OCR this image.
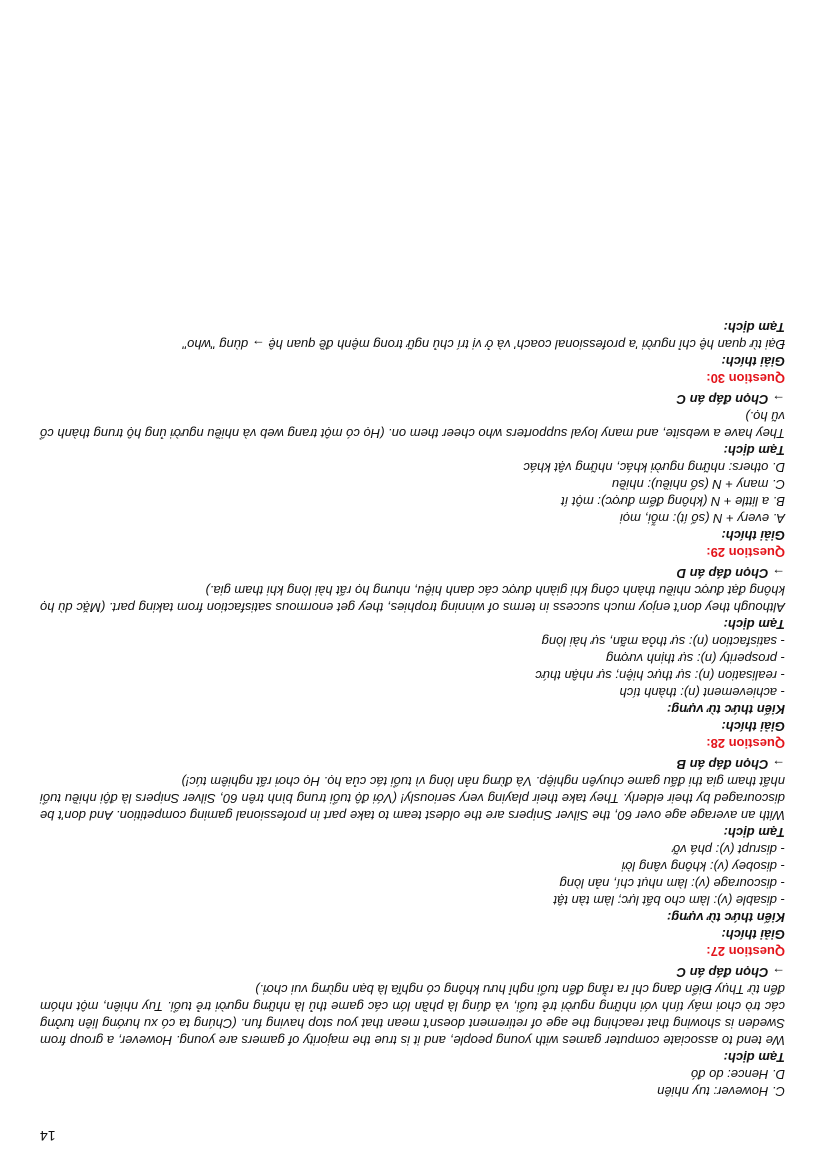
C. However: tuy nhiên

D. Hence: do đó

Tạm dịch:

We tend to associate computer games with young people, and it is true the majority of gamers are young. However, a group from Sweden is showing that reaching the age of retirement doesn't mean that you stop having fun. (Chúng ta có xu hướng liên tưởng các trò chơi máy tính với những người trẻ tuổi, và đúng là phần lớn các game thủ là những người trẻ tuổi. Tuy nhiên, một nhóm đến từ Thụy Điển đang chỉ ra rằng đến tuổi nghỉ hưu không có nghĩa là bạn ngừng vui chơi.)

→ Chọn đáp án C

Question 27:

Giải thích:

Kiến thức từ vựng:

- disable (v): làm cho bất lực; làm tàn tật

- discourage (v): làm nhụt chí, nản lòng

- disobey (v): không vâng lời

- disrupt (v): phá vỡ

Tạm dịch:

With an average age over 60, the Silver Snipers are the oldest team to take part in professional gaming competition. And don't be discouraged by their elderly. They take their playing very seriously! (Với độ tuổi trung bình trên 60, Silver Snipers là đội nhiều tuổi nhất tham gia thi đấu game chuyên nghiệp. Và đừng nản lòng vì tuổi tác của họ. Họ chơi rất nghiêm túc!)

→ Chọn đáp án B

Question 28:

Giải thích:

Kiến thức từ vựng:

- achievement (n): thành tích

- realisation (n): sự thực hiện; sự nhận thức

- prosperity (n): sự thịnh vượng

- satisfaction (n): sự thỏa mãn, sự hài lòng

Tạm dịch:

Although they don't enjoy much success in terms of winning trophies, they get enormous satisfaction from taking part. (Mặc dù họ không đạt được nhiều thành công khi giành được các danh hiệu, nhưng họ rất hài lòng khi tham gia.)

→ Chọn đáp án D

Question 29:

Giải thích:

A. every + N (số ít): mỗi, mọi

B. a little + N (không đếm được): một ít

C. many + N (số nhiều): nhiều

D. others: những người khác, những vật khác

Tạm dịch:

They have a website, and many loyal supporters who cheer them on. (Họ có một trang web và nhiều người ủng hộ trung thành cổ vũ họ.)

→ Chọn đáp án C

Question 30:

Giải thích:

Đại từ quan hệ chỉ người 'a professional coach' và ở vị trí chủ ngữ trong mệnh đề quan hệ → dùng "who"

Tạm dịch:

14
